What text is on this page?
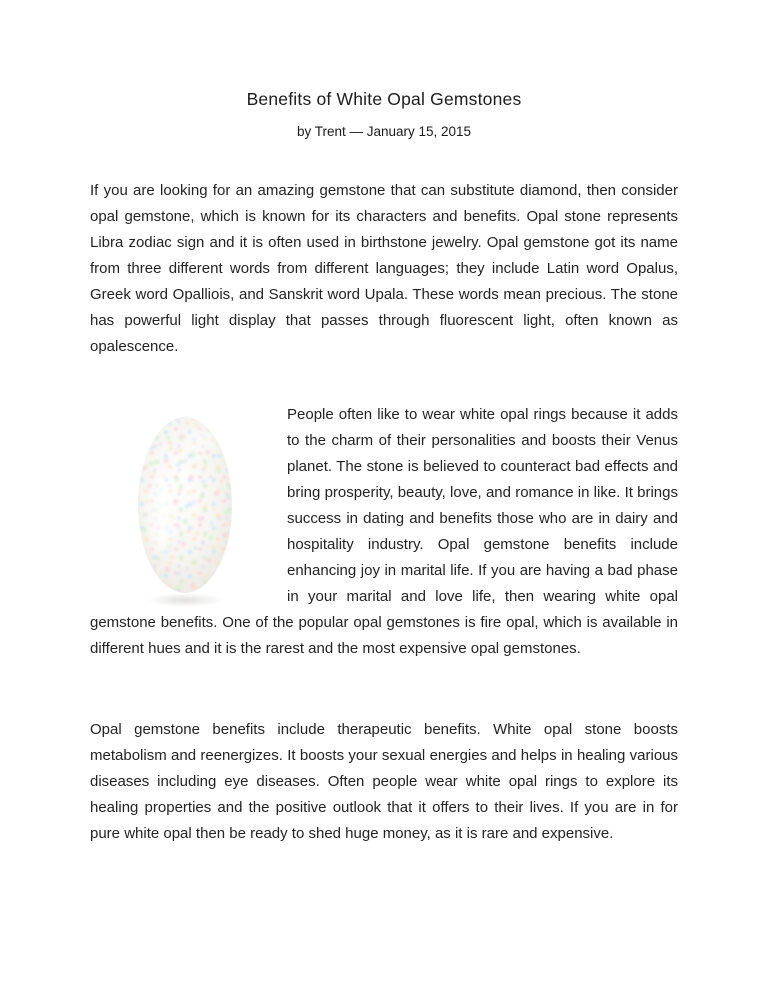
Benefits of White Opal Gemstones
by Trent — January 15, 2015

If you are looking for an amazing gemstone that can substitute diamond, then consider opal gemstone, which is known for its characters and benefits. Opal stone represents Libra zodiac sign and it is often used in birthstone jewelry. Opal gemstone got its name from three different words from different languages; they include Latin word Opalus, Greek word Opalliois, and Sanskrit word Upala. These words mean precious. The stone has powerful light display that passes through fluorescent light, often known as opalescence.

People often like to wear white opal rings because it adds to the charm of their personalities and boosts their Venus planet. The stone is believed to counteract bad effects and bring prosperity, beauty, love, and romance in like. It brings success in dating and benefits those who are in dairy and hospitality industry. Opal gemstone benefits include enhancing joy in marital life. If you are having a bad phase in your marital and love life, then wearing white opal gemstone benefits. One of the popular opal gemstones is fire opal, which is available in different hues and it is the rarest and the most expensive opal gemstones.

Opal gemstone benefits include therapeutic benefits. White opal stone boosts metabolism and reenergizes. It boosts your sexual energies and helps in healing various diseases including eye diseases. Often people wear white opal rings to explore its healing properties and the positive outlook that it offers to their lives. If you are in for pure white opal then be ready to shed huge money, as it is rare and expensive.
